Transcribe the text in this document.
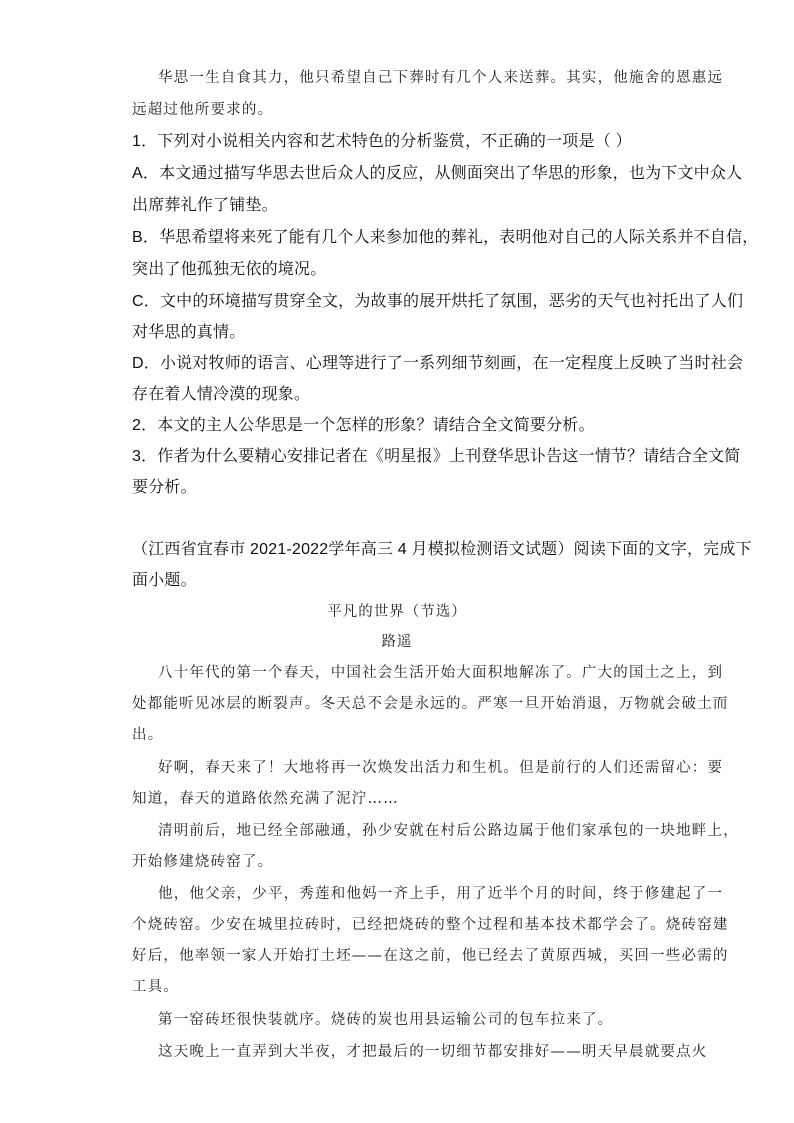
华思一生自食其力，他只希望自己下葬时有几个人来送葬。其实，他施舍的恩惠远
远超过他所要求的。
1．下列对小说相关内容和艺术特色的分析鉴赏，不正确的一项是（ ）
A．本文通过描写华思去世后众人的反应，从侧面突出了华思的形象，也为下文中众人
出席葬礼作了铺垫。
B．华思希望将来死了能有几个人来参加他的葬礼，表明他对自己的人际关系并不自信，
突出了他孤独无依的境况。
C．文中的环境描写贯穿全文，为故事的展开烘托了氛围，恶劣的天气也衬托出了人们
对华思的真情。
D．小说对牧师的语言、心理等进行了一系列细节刻画，在一定程度上反映了当时社会
存在着人情冷漠的现象。
2．本文的主人公华思是一个怎样的形象？请结合全文简要分析。
3．作者为什么要精心安排记者在《明星报》上刊登华思讣告这一情节？请结合全文简
要分析。
（江西省宜春市 2021-2022学年高三 4 月模拟检测语文试题）阅读下面的文字，完成下
面小题。
平凡的世界（节选）
路遥
八十年代的第一个春天，中国社会生活开始大面积地解冻了。广大的国土之上，到
处都能听见冰层的断裂声。冬天总不会是永远的。严寒一旦开始消退，万物就会破土而
出。
好啊，春天来了！大地将再一次焕发出活力和生机。但是前行的人们还需留心：要
知道，春天的道路依然充满了泥泞……
清明前后，地已经全部融通，孙少安就在村后公路边属于他们家承包的一块地畔上，
开始修建烧砖窑了。
他，他父亲，少平，秀莲和他妈一齐上手，用了近半个月的时间，终于修建起了一
个烧砖窑。少安在城里拉砖时，已经把烧砖的整个过程和基本技术都学会了。烧砖窑建
好后，他率领一家人开始打土坯——在这之前，他已经去了黄原西城，买回一些必需的
工具。
第一窑砖坯很快装就序。烧砖的炭也用县运输公司的包车拉来了。
这天晚上一直弄到大半夜，才把最后的一切细节都安排好——明天早晨就要点火
